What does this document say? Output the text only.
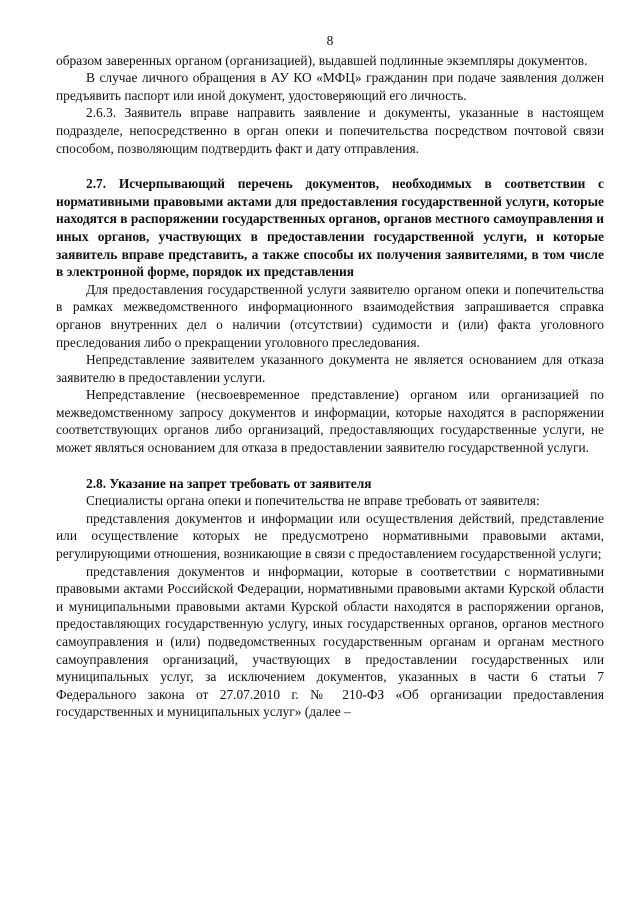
8

образом заверенных органом (организацией), выдавшей подлинные экземпляры документов.

В случае личного обращения в АУ КО «МФЦ» гражданин при подаче заявления должен предъявить паспорт или иной документ, удостоверяющий его личность.

2.6.3. Заявитель вправе направить заявление и документы, указанные в настоящем подразделе, непосредственно в орган опеки и попечительства посредством почтовой связи способом, позволяющим подтвердить факт и дату отправления.

2.7. Исчерпывающий перечень документов, необходимых в соответствии с нормативными правовыми актами для предоставления государственной услуги, которые находятся в распоряжении государственных органов, органов местного самоуправления и иных органов, участвующих в предоставлении государственной услуги, и которые заявитель вправе представить, а также способы их получения заявителями, в том числе в электронной форме, порядок их представления

Для предоставления государственной услуги заявителю органом опеки и попечительства в рамках межведомственного информационного взаимодействия запрашивается справка органов внутренних дел о наличии (отсутствии) судимости и (или) факта уголовного преследования либо о прекращении уголовного преследования.

Непредставление заявителем указанного документа не является основанием для отказа заявителю в предоставлении услуги.

Непредставление (несвоевременное представление) органом или организацией по межведомственному запросу документов и информации, которые находятся в распоряжении соответствующих органов либо организаций, предоставляющих государственные услуги, не может являться основанием для отказа в предоставлении заявителю государственной услуги.

2.8. Указание на запрет требовать от заявителя

Специалисты органа опеки и попечительства не вправе требовать от заявителя:

представления документов и информации или осуществления действий, представление или осуществление которых не предусмотрено нормативными правовыми актами, регулирующими отношения, возникающие в связи с предоставлением государственной услуги;

представления документов и информации, которые в соответствии с нормативными правовыми актами Российской Федерации, нормативными правовыми актами Курской области и муниципальными правовыми актами Курской области находятся в распоряжении органов, предоставляющих государственную услугу, иных государственных органов, органов местного самоуправления и (или) подведомственных государственным органам и органам местного самоуправления организаций, участвующих в предоставлении государственных или муниципальных услуг, за исключением документов, указанных в части 6 статьи 7 Федерального закона от 27.07.2010 г. № 210-ФЗ «Об организации предоставления государственных и муниципальных услуг» (далее –
